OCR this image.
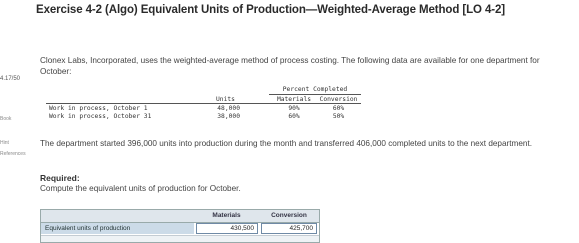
4.17/50
Book
Hint
References
Exercise 4-2 (Algo) Equivalent Units of Production—Weighted-Average Method [LO 4-2]
Clonex Labs, Incorporated, uses the weighted-average method of process costing. The following data are available for one department for October:
Percent Completed
Units	Materials	Conversion
Work in process, October 1	48,000	90%	60%
Work in process, October 31	38,000	60%	50%
The department started 396,000 units into production during the month and transferred 406,000 completed units to the next department.
Required:
Compute the equivalent units of production for October.
Materials	Conversion
Equivalent units of production	430,500	425,700
